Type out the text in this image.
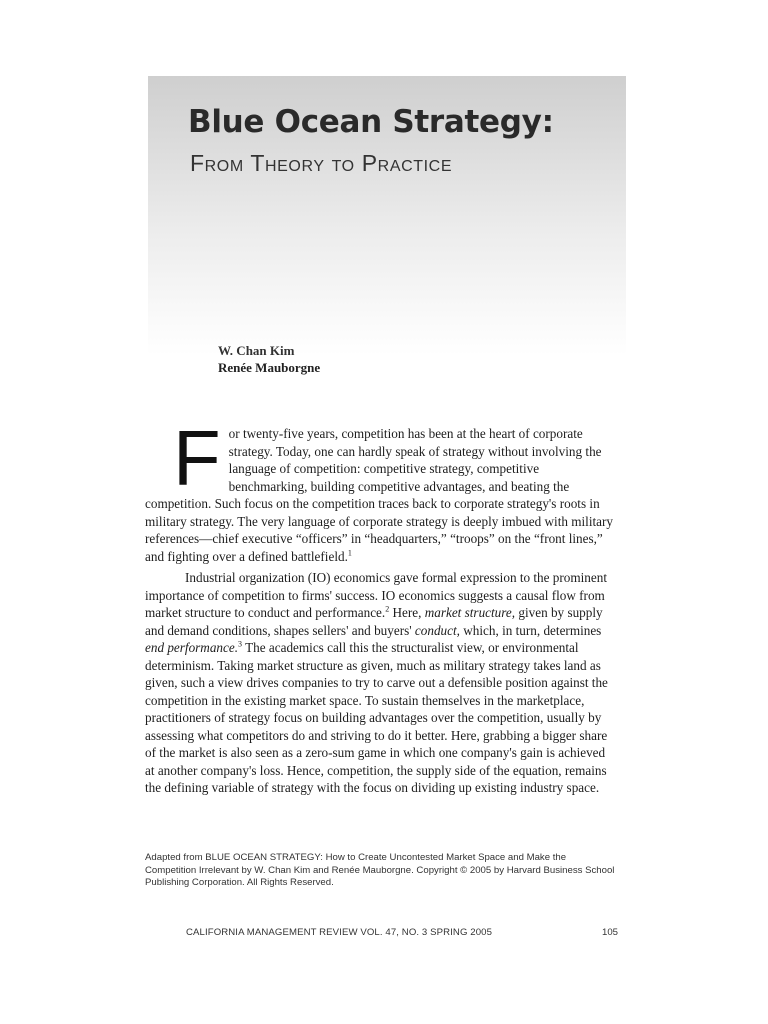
Blue Ocean Strategy:
From Theory to Practice
W. Chan Kim
Renée Mauborgne

For twenty-five years, competition has been at the heart of corporate strategy. Today, one can hardly speak of strategy without involving the language of competition: competitive strategy, competitive benchmarking, building competitive advantages, and beating the competition. Such focus on the competition traces back to corporate strategy's roots in military strategy. The very language of corporate strategy is deeply imbued with military references—chief executive “officers” in “headquarters,” “troops” on the “front lines,” and fighting over a defined battlefield.$^1$

Industrial organization (IO) economics gave formal expression to the prominent importance of competition to firms' success. IO economics suggests a causal flow from market structure to conduct and performance.$^2$ Here, market structure, given by supply and demand conditions, shapes sellers' and buyers' conduct, which, in turn, determines end performance.$^3$ The academics call this the structuralist view, or environmental determinism. Taking market structure as given, much as military strategy takes land as given, such a view drives companies to try to carve out a defensible position against the competition in the existing market space. To sustain themselves in the marketplace, practitioners of strategy focus on building advantages over the competition, usually by assessing what competitors do and striving to do it better. Here, grabbing a bigger share of the market is also seen as a zero-sum game in which one company's gain is achieved at another company's loss. Hence, competition, the supply side of the equation, remains the defining variable of strategy with the focus on dividing up existing industry space.

Adapted from BLUE OCEAN STRATEGY: How to Create Uncontested Market Space and Make the Competition Irrelevant by W. Chan Kim and Renée Mauborgne. Copyright © 2005 by Harvard Business School Publishing Corporation. All Rights Reserved.
CALIFORNIA MANAGEMENT REVIEW VOL. 47, NO. 3 SPRING 2005	105
